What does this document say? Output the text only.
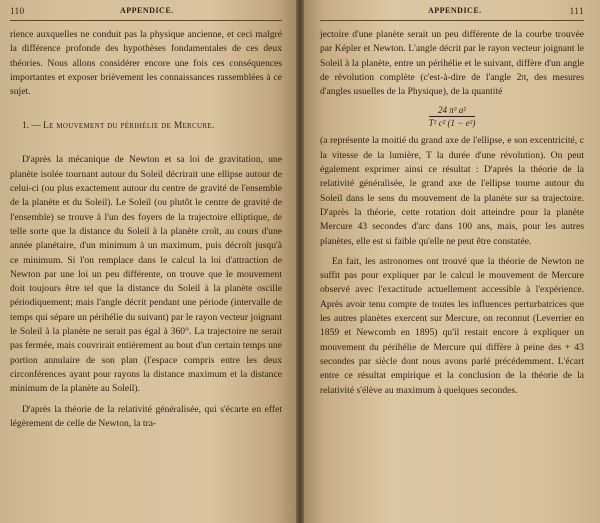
110	APPENDICE.

rience auxquelles ne conduit pas la physique ancienne, et ceci malgré la différence profonde des hypothèses fondamentales de ces deux théories. Nous allons considérer encore une fois ces conséquences importantes et exposer brièvement les connaissances rassemblées à ce sujet.

1. — Le mouvement du périhélie de Mercure.

D'après la mécanique de Newton et sa loi de gravitation, une planète isolée tournant autour du Soleil décrirait une ellipse autour de celui-ci (ou plus exactement autour du centre de gravité de l'ensemble de la planète et du Soleil). Le Soleil (ou plutôt le centre de gravité de l'ensemble) se trouve à l'un des foyers de la trajectoire elliptique, de telle sorte que la distance du Soleil à la planète croît, au cours d'une année planétaire, d'un minimum à un maximum, puis décroît jusqu'à ce minimum. Si l'on remplace dans le calcul la loi d'attraction de Newton par une loi un peu différente, on trouve que le mouvement doit toujours être tel que la distance du Soleil à la planète oscille périodiquement; mais l'angle décrit pendant une période (intervalle de temps qui sépare un périhélie du suivant) par le rayon vecteur joignant le Soleil à la planète ne serait pas égal à 360°. La trajectoire ne serait pas fermée, mais couvrirait entièrement au bout d'un certain temps une portion annulaire de son plan (l'espace compris entre les deux circonférences ayant pour rayons la distance maximum et la distance minimum de la planète au Soleil).

D'après la théorie de la relativité généralisée, qui s'écarte en effet légèrement de celle de Newton, la tra-

APPENDICE.	111

jectoire d'une planète serait un peu différente de la courbe trouvée par Képler et Newton. L'angle décrit par le rayon vecteur joignant le Soleil à la planète, entre un périhélie et le suivant, diffère d'un angle de révolution complète (c'est-à-dire de l'angle 2π, des mesures d'angles usuelles de la Physique), de la quantité

$\frac{\text{24 π³ a²}}{\text{T² c² (1 − e²)}}$

(a représente la moitié du grand axe de l'ellipse, e son excentricité, c la vitesse de la lumière, T la durée d'une révolution). On peut également exprimer ainsi ce résultat : D'après la théorie de la relativité généralisée, le grand axe de l'ellipse tourne autour du Soleil dans le sens du mouvement de la planète sur sa trajectoire. D'après la théorie, cette rotation doit atteindre pour la planète Mercure 43 secondes d'arc dans 100 ans, mais, pour les autres planètes, elle est si faible qu'elle ne peut être constatée.

En fait, les astronomes ont trouvé que la théorie de Newton ne suffit pas pour expliquer par le calcul le mouvement de Mercure observé avec l'exactitude actuellement accessible à l'expérience. Après avoir tenu compte de toutes les influences perturbatrices que les autres planètes exercent sur Mercure, on reconnut (Leverrier en 1859 et Newcomb en 1895) qu'il restait encore à expliquer un mouvement du périhélie de Mercure qui diffère à peine des + 43 secondes par siècle dont nous avons parlé précédemment. L'écart entre ce résultat empirique et la conclusion de la théorie de la relativité s'élève au maximum à quelques secondes.
